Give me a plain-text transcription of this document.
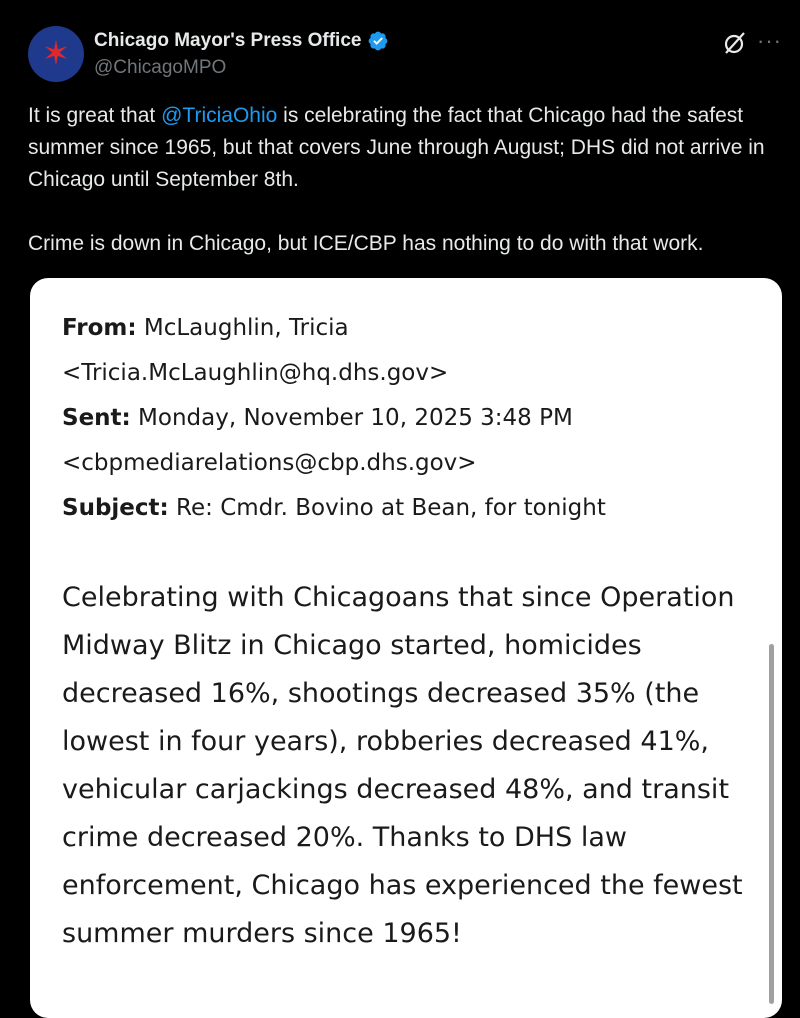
✶ Chicago Mayor's Press Office
@ChicagoMPO
···

It is great that @TriciaOhio is celebrating the fact that Chicago had the safest summer since 1965, but that covers June through August; DHS did not arrive in Chicago until September 8th.

Crime is down in Chicago, but ICE/CBP has nothing to do with that work.

From: McLaughlin, Tricia
<Tricia.McLaughlin@hq.dhs.gov>
Sent: Monday, November 10, 2025 3:48 PM
<cbpmediarelations@cbp.dhs.gov>
Subject: Re: Cmdr. Bovino at Bean, for tonight
Celebrating with Chicagoans that since Operation Midway Blitz in Chicago started, homicides decreased 16%, shootings decreased 35% (the lowest in four years), robberies decreased 41%, vehicular carjackings decreased 48%, and transit crime decreased 20%. Thanks to DHS law enforcement, Chicago has experienced the fewest summer murders since 1965!
